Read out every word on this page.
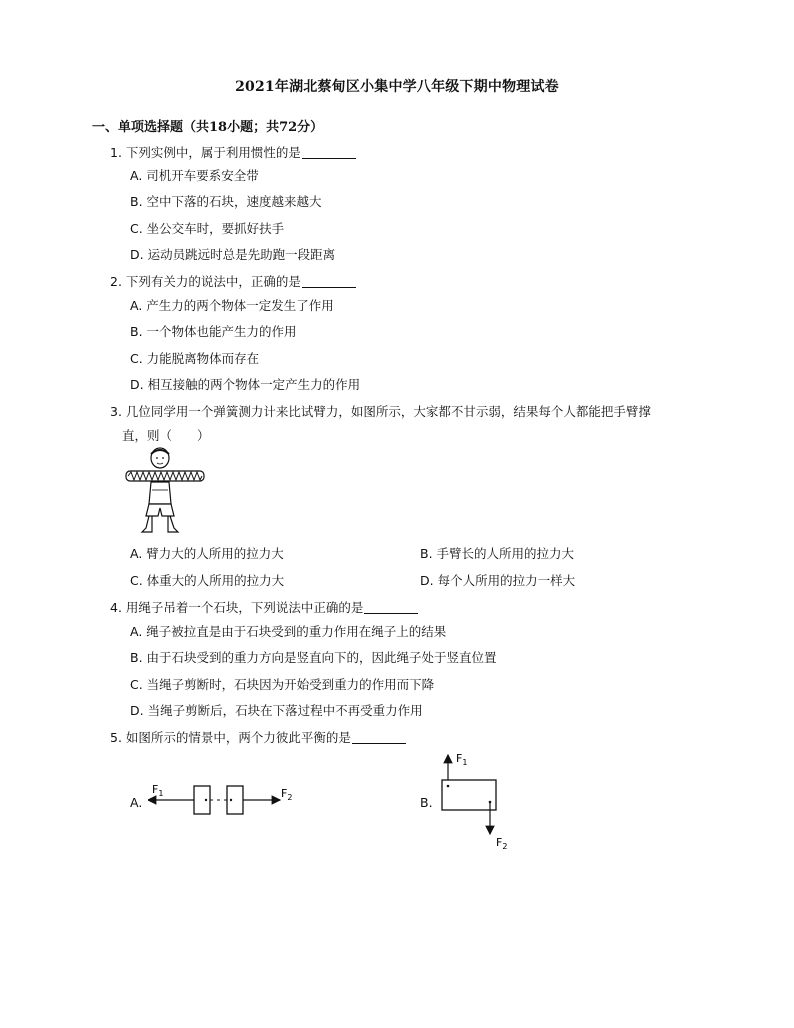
2021年湖北蔡甸区小集中学八年级下期中物理试卷
一、单项选择题（共18小题；共72分）
1. 下列实例中，属于利用惯性的是
A. 司机开车要系安全带
B. 空中下落的石块，速度越来越大
C. 坐公交车时，要抓好扶手
D. 运动员跳远时总是先助跑一段距离
2. 下列有关力的说法中，正确的是
A. 产生力的两个物体一定发生了作用
B. 一个物体也能产生力的作用
C. 力能脱离物体而存在
D. 相互接触的两个物体一定产生力的作用
3. 几位同学用一个弹簧测力计来比试臂力，如图所示，大家都不甘示弱，结果每个人都能把手臂撑
直，则（　　）
A. 臂力大的人所用的拉力大	B. 手臂长的人所用的拉力大
C. 体重大的人所用的拉力大	D. 每个人所用的拉力一样大
4. 用绳子吊着一个石块，下列说法中正确的是
A. 绳子被拉直是由于石块受到的重力作用在绳子上的结果
B. 由于石块受到的重力方向是竖直向下的，因此绳子处于竖直位置
C. 当绳子剪断时，石块因为开始受到重力的作用而下降
D. 当绳子剪断后，石块在下落过程中不再受重力作用
5. 如图所示的情景中，两个力彼此平衡的是
A.
$F_1$	$F_2$	B.
$F_1$
$F_2$
